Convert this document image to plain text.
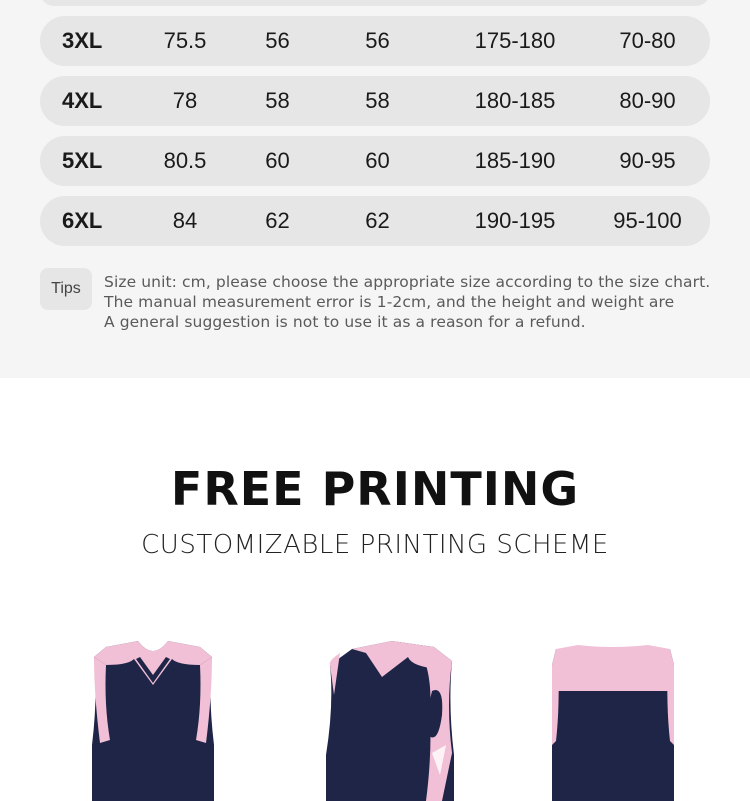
3XL	75.5	56	56	175-180	70-80
4XL	78	58	58	180-185	80-90
5XL	80.5	60	60	185-190	90-95
6XL	84	62	62	190-195	95-100
Tips	Size unit: cm, please choose the appropriate size according to the size chart.
The manual measurement error is 1-2cm, and the height and weight are
A general suggestion is not to use it as a reason for a refund.
FREE PRINTING
CUSTOMIZABLE PRINTING SCHEME
